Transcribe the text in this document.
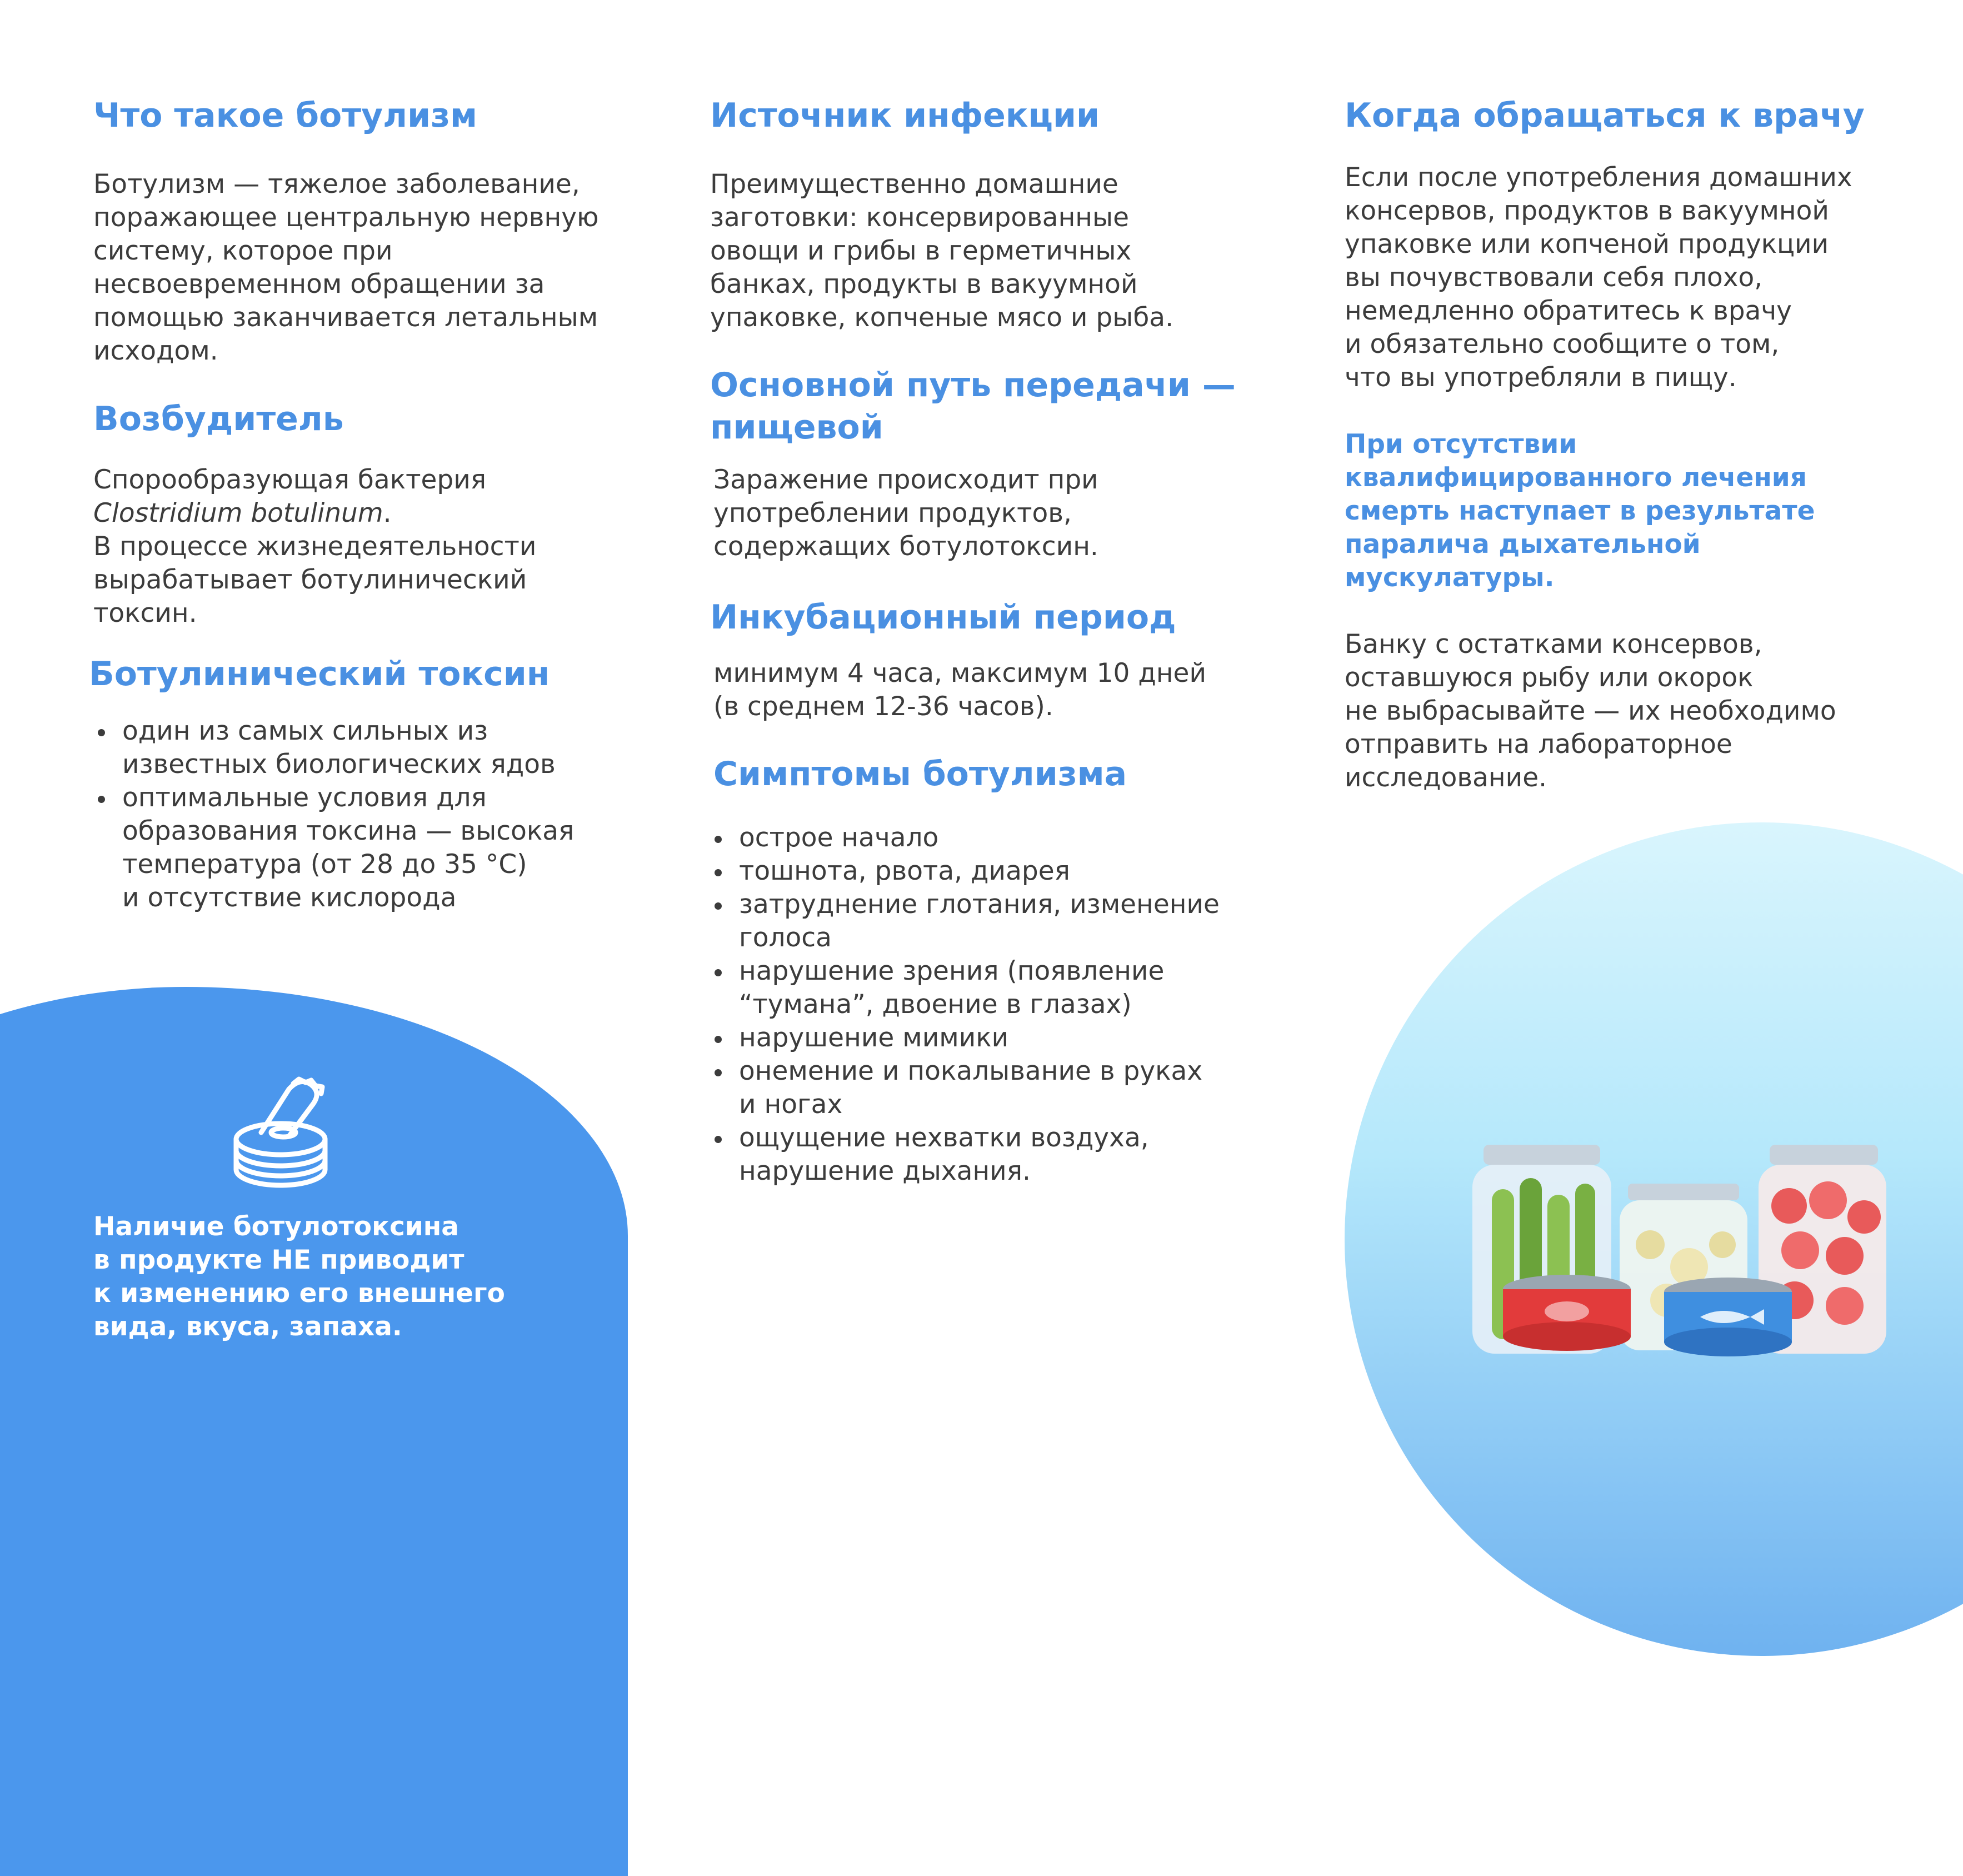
Что такое ботулизм

Ботулизм — тяжелое заболевание,
поражающее центральную нервную
систему, которое при
несвоевременном обращении за
помощью заканчивается летальным
исходом.

Возбудитель

Спорообразующая бактерия
Clostridium botulinum.
В процессе жизнедеятельности
вырабатывает ботулинический
токсин.

Ботулинический токсин
один из самых сильных из
известных биологических ядов
оптимальные условия для
образования токсина — высокая
температура (от 28 до 35 °С)
и отсутствие кислорода

Наличие ботулотоксина
в продукте НЕ приводит
к изменению его внешнего
вида, вкуса, запаха.

Источник инфекции

Преимущественно домашние
заготовки: консервированные
овощи и грибы в герметичных
банках, продукты в вакуумной
упаковке, копченые мясо и рыба.

Основной путь передачи —
пищевой

Заражение происходит при
употреблении продуктов,
содержащих ботулотоксин.

Инкубационный период

минимум 4 часа, максимум 10 дней
(в среднем 12-36 часов).

Симптомы ботулизма
острое начало
тошнота, рвота, диарея
затруднение глотания, изменение
голоса
нарушение зрения (появление
“тумана”, двоение в глазах)
нарушение мимики
онемение и покалывание в руках
и ногах
ощущение нехватки воздуха,
нарушение дыхания.
Когда обращаться к врачу

Если после употребления домашних
консервов, продуктов в вакуумной
упаковке или копченой продукции
вы почувствовали себя плохо,
немедленно обратитесь к врачу
и обязательно сообщите о том,
что вы употребляли в пищу.

При отсутствии
квалифицированного лечения
смерть наступает в результате
паралича дыхательной
мускулатуры.

Банку с остатками консервов,
оставшуюся рыбу или окорок
не выбрасывайте — их необходимо
отправить на лабораторное
исследование.
